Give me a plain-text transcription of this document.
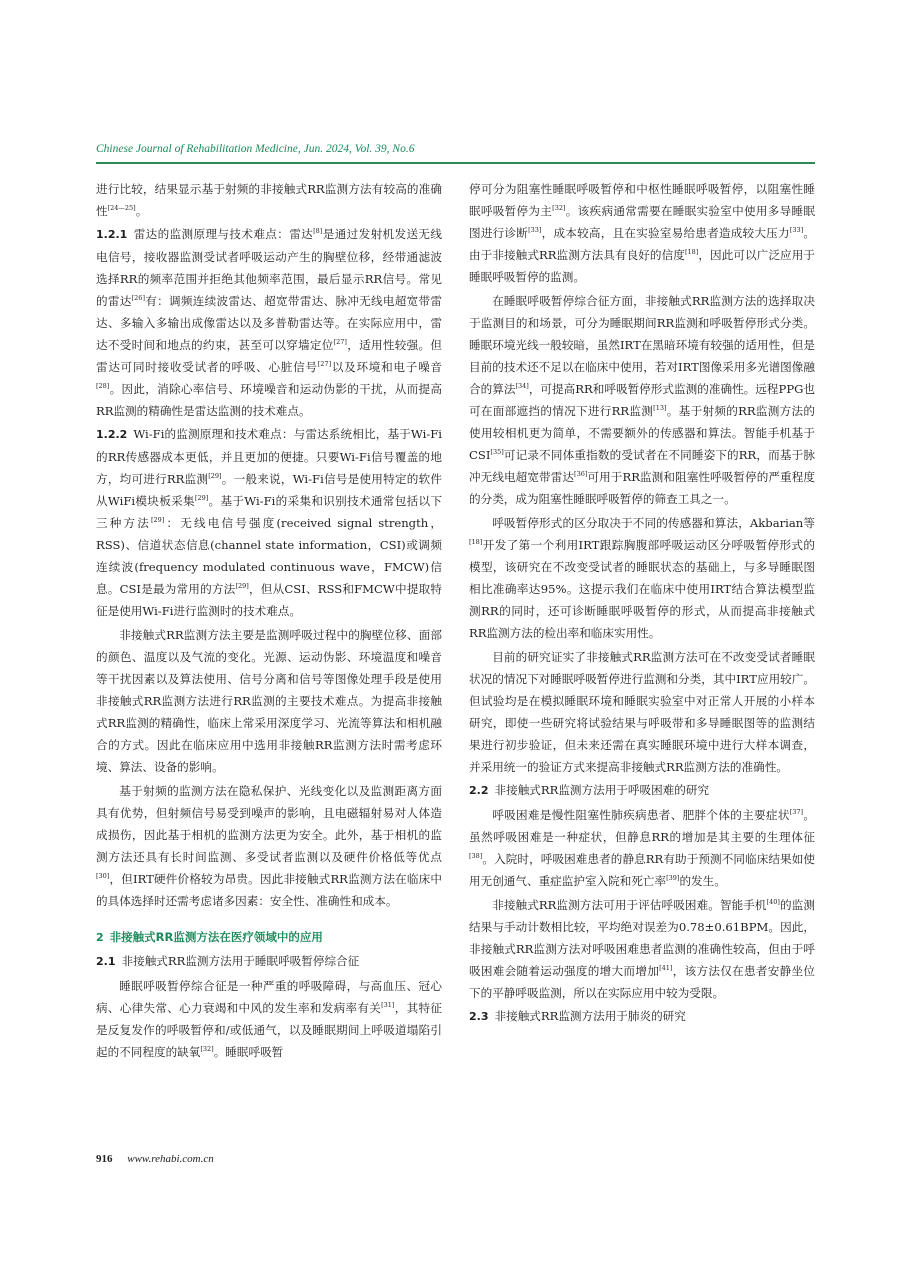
Chinese Journal of Rehabilitation Medicine, Jun. 2024, Vol. 39, No.6

进行比较，结果显示基于射频的非接触式RR监测方法有较高的准确性[24—25]。

1.2.1 雷达的监测原理与技术难点：雷达[8]是通过发射机发送无线电信号，接收器监测受试者呼吸运动产生的胸壁位移，经带通滤波选择RR的频率范围并拒绝其他频率范围，最后显示RR信号。常见的雷达[26]有：调频连续波雷达、超宽带雷达、脉冲无线电超宽带雷达、多输入多输出成像雷达以及多普勒雷达等。在实际应用中，雷达不受时间和地点的约束，甚至可以穿墙定位[27]，适用性较强。但雷达可同时接收受试者的呼吸、心脏信号[27]以及环境和电子噪音[28]。因此，消除心率信号、环境噪音和运动伪影的干扰，从而提高RR监测的精确性是雷达监测的技术难点。

1.2.2 Wi-Fi的监测原理和技术难点：与雷达系统相比，基于Wi-Fi的RR传感器成本更低，并且更加的便捷。只要Wi-Fi信号覆盖的地方，均可进行RR监测[29]。一般来说，Wi-Fi信号是使用特定的软件从WiFi模块板采集[29]。基于Wi-Fi的采集和识别技术通常包括以下三种方法[29]：无线电信号强度(received signal strength，RSS)、信道状态信息(channel state information，CSI)或调频连续波(frequency modulated continuous wave，FMCW)信息。CSI是最为常用的方法[29]，但从CSI、RSS和FMCW中提取特征是使用Wi-Fi进行监测时的技术难点。

非接触式RR监测方法主要是监测呼吸过程中的胸壁位移、面部的颜色、温度以及气流的变化。光源、运动伪影、环境温度和噪音等干扰因素以及算法使用、信号分离和信号等图像处理手段是使用非接触式RR监测方法进行RR监测的主要技术难点。为提高非接触式RR监测的精确性，临床上常采用深度学习、光流等算法和相机融合的方式。因此在临床应用中选用非接触RR监测方法时需考虑环境、算法、设备的影响。

基于射频的监测方法在隐私保护、光线变化以及监测距离方面具有优势，但射频信号易受到噪声的影响，且电磁辐射易对人体造成损伤，因此基于相机的监测方法更为安全。此外，基于相机的监测方法还具有长时间监测、多受试者监测以及硬件价格低等优点[30]，但IRT硬件价格较为昂贵。因此非接触式RR监测方法在临床中的具体选择时还需考虑诸多因素：安全性、准确性和成本。

2 非接触式RR监测方法在医疗领域中的应用

2.1 非接触式RR监测方法用于睡眠呼吸暂停综合征

睡眠呼吸暂停综合征是一种严重的呼吸障碍，与高血压、冠心病、心律失常、心力衰竭和中风的发生率和发病率有关[31]，其特征是反复发作的呼吸暂停和/或低通气，以及睡眠期间上呼吸道塌陷引起的不同程度的缺氧[32]。睡眠呼吸暂

停可分为阻塞性睡眠呼吸暂停和中枢性睡眠呼吸暂停，以阻塞性睡眠呼吸暂停为主[32]。该疾病通常需要在睡眠实验室中使用多导睡眠图进行诊断[33]，成本较高，且在实验室易给患者造成较大压力[33]。由于非接触式RR监测方法具有良好的信度[18]，因此可以广泛应用于睡眠呼吸暂停的监测。

在睡眠呼吸暂停综合征方面，非接触式RR监测方法的选择取决于监测目的和场景，可分为睡眠期间RR监测和呼吸暂停形式分类。睡眠环境光线一般较暗，虽然IRT在黑暗环境有较强的适用性，但是目前的技术还不足以在临床中使用，若对IRT图像采用多光谱图像融合的算法[34]，可提高RR和呼吸暂停形式监测的准确性。远程PPG也可在面部遮挡的情况下进行RR监测[13]。基于射频的RR监测方法的使用较相机更为简单，不需要额外的传感器和算法。智能手机基于CSI[35]可记录不同体重指数的受试者在不同睡姿下的RR，而基于脉冲无线电超宽带雷达[36]可用于RR监测和阻塞性呼吸暂停的严重程度的分类，成为阻塞性睡眠呼吸暂停的筛查工具之一。

呼吸暂停形式的区分取决于不同的传感器和算法，Akbarian等[18]开发了第一个利用IRT跟踪胸腹部呼吸运动区分呼吸暂停形式的模型，该研究在不改变受试者的睡眠状态的基础上，与多导睡眠图相比准确率达95%。这提示我们在临床中使用IRT结合算法模型监测RR的同时，还可诊断睡眠呼吸暂停的形式，从而提高非接触式RR监测方法的检出率和临床实用性。

目前的研究证实了非接触式RR监测方法可在不改变受试者睡眠状况的情况下对睡眠呼吸暂停进行监测和分类，其中IRT应用较广。但试验均是在模拟睡眠环境和睡眠实验室中对正常人开展的小样本研究，即使一些研究将试验结果与呼吸带和多导睡眠图等的监测结果进行初步验证，但未来还需在真实睡眠环境中进行大样本调查，并采用统一的验证方式来提高非接触式RR监测方法的准确性。

2.2 非接触式RR监测方法用于呼吸困难的研究

呼吸困难是慢性阻塞性肺疾病患者、肥胖个体的主要症状[37]。虽然呼吸困难是一种症状，但静息RR的增加是其主要的生理体征[38]。入院时，呼吸困难患者的静息RR有助于预测不同临床结果如使用无创通气、重症监护室入院和死亡率[39]的发生。

非接触式RR监测方法可用于评估呼吸困难。智能手机[40]的监测结果与手动计数相比较，平均绝对误差为0.78±0.61BPM。因此，非接触式RR监测方法对呼吸困难患者监测的准确性较高，但由于呼吸困难会随着运动强度的增大而增加[41]，该方法仅在患者安静坐位下的平静呼吸监测，所以在实际应用中较为受限。

2.3 非接触式RR监测方法用于肺炎的研究

916 www.rehabi.com.cn
